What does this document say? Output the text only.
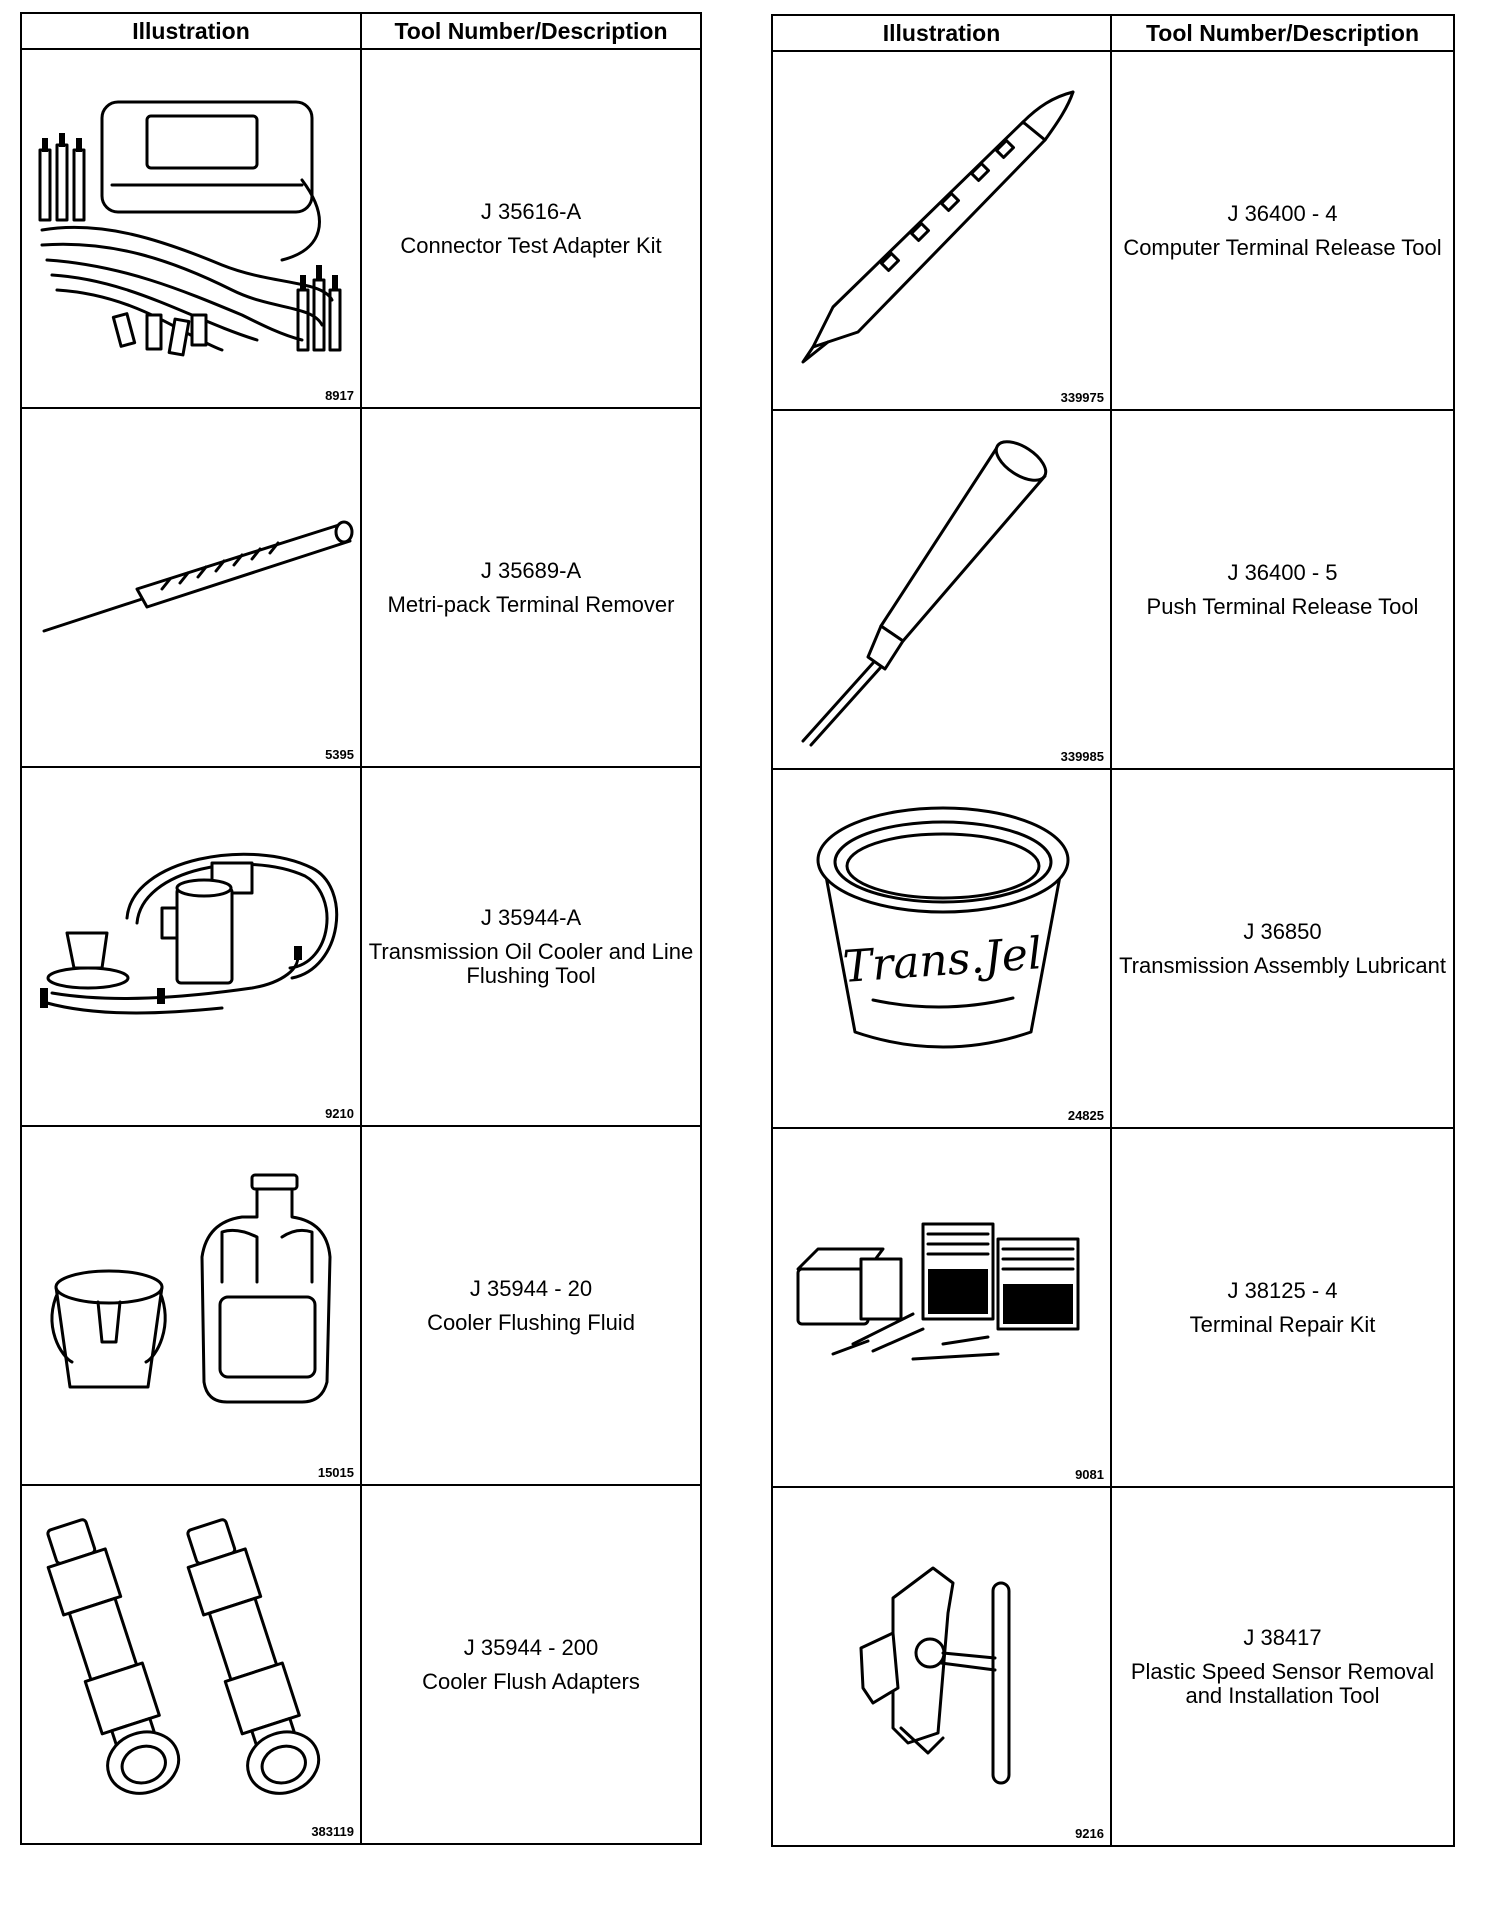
Illustration	Tool Number/Description

8917	J 35616-A
Connector Test Adapter Kit

5395	J 35689-A
Metri-pack Terminal Remover

9210	J 35944-A
Transmission Oil Cooler and Line Flushing Tool

15015	J 35944 - 20
Cooler Flushing Fluid

383119	J 35944 - 200
Cooler Flush Adapters
Illustration	Tool Number/Description

339975	J 36400 - 4
Computer Terminal Release Tool

339985	J 36400 - 5
Push Terminal Release Tool

Trans.Jel
24825	J 36850
Transmission Assembly Lubricant

9081	J 38125 - 4
Terminal Repair Kit

9216	J 38417
Plastic Speed Sensor Removal and Installation Tool
